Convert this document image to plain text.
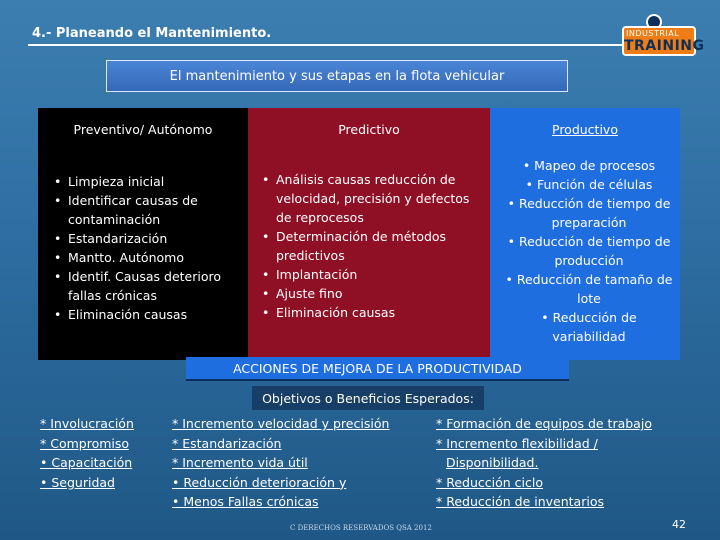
4.- Planeando el Mantenimiento.	INDUSTRIAL
TRAINING
El mantenimiento y sus etapas en la flota vehicular
Preventivo/ Autónomo
• Limpieza inicial
• Identificar causas de contaminación
• Estandarización
• Mantto. Autónomo
• Identif. Causas deterioro fallas crónicas
• Eliminación causas
Predictivo
• Análisis causas reducción de velocidad, precisión y defectos de reprocesos
• Determinación de métodos predictivos
• Implantación
• Ajuste fino
• Eliminación causas
Productivo
• Mapeo de procesos
• Función de células
• Reducción de tiempo de preparación
• Reducción de tiempo de producción
• Reducción de tamaño de lote
• Reducción de variabilidad
ACCIONES DE MEJORA DE LA PRODUCTIVIDAD
Objetivos o Beneficios Esperados:
* Involucración
* Compromiso
• Capacitación
• Seguridad
* Incremento velocidad y precisión
* Estandarización
* Incremento vida útil
• Reducción deterioración y
• Menos Fallas crónicas
* Formación de equipos de trabajo
* Incremento flexibilidad /
Disponibilidad.
* Reducción ciclo
* Reducción de inventarios
C DERECHOS RESERVADOS QSA 2012	42
